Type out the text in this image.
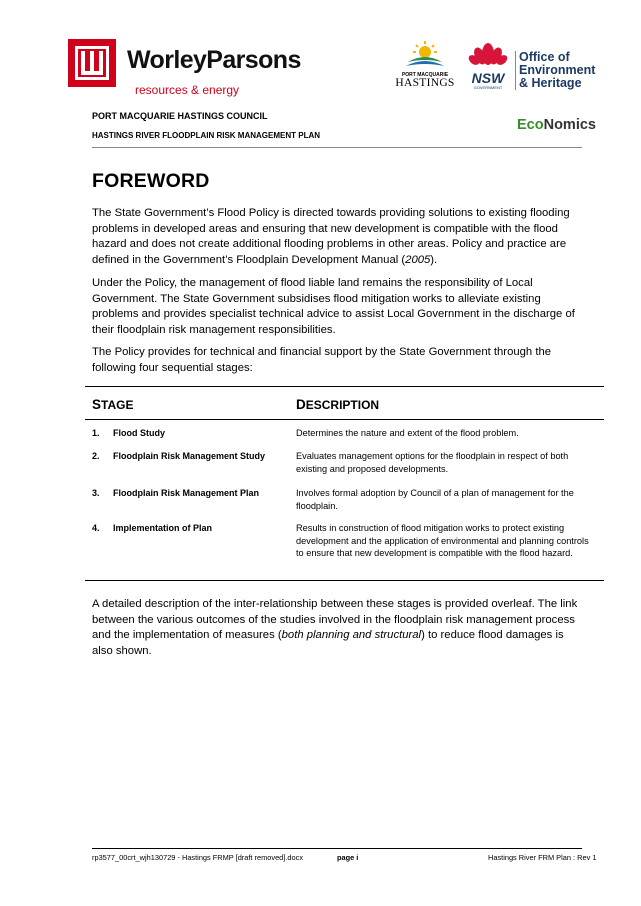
WorleyParsons
resources & energy
PORT MACQUARIE
HASTINGS	NSW
GOVERNMENT
Office of
Environment
& Heritage
PORT MACQUARIE HASTINGS COUNCIL
HASTINGS RIVER FLOODPLAIN RISK MANAGEMENT PLAN
EcoNomics
FOREWORD
The State Government’s Flood Policy is directed towards providing solutions to existing flooding problems in developed areas and ensuring that new development is compatible with the flood hazard and does not create additional flooding problems in other areas. Policy and practice are defined in the Government’s Floodplain Development Manual (2005).
Under the Policy, the management of flood liable land remains the responsibility of Local Government. The State Government subsidises flood mitigation works to alleviate existing problems and provides specialist technical advice to assist Local Government in the discharge of their floodplain risk management responsibilities.
The Policy provides for technical and financial support by the State Government through the following four sequential stages:
STAGE	DESCRIPTION
1. Flood Study	Determines the nature and extent of the flood problem.
2. Floodplain Risk Management Study	Evaluates management options for the floodplain in respect of both existing and proposed developments.
3. Floodplain Risk Management Plan	Involves formal adoption by Council of a plan of management for the floodplain.
4. Implementation of Plan	Results in construction of flood mitigation works to protect existing development and the application of environmental and planning controls to ensure that new development is compatible with the flood hazard.
A detailed description of the inter-relationship between these stages is provided overleaf. The link between the various outcomes of the studies involved in the floodplain risk management process and the implementation of measures (both planning and structural) to reduce flood damages is also shown.
rp3577_00crt_wjh130729 - Hastings FRMP [draft removed].docx	page i	Hastings River FRM Plan : Rev 1
